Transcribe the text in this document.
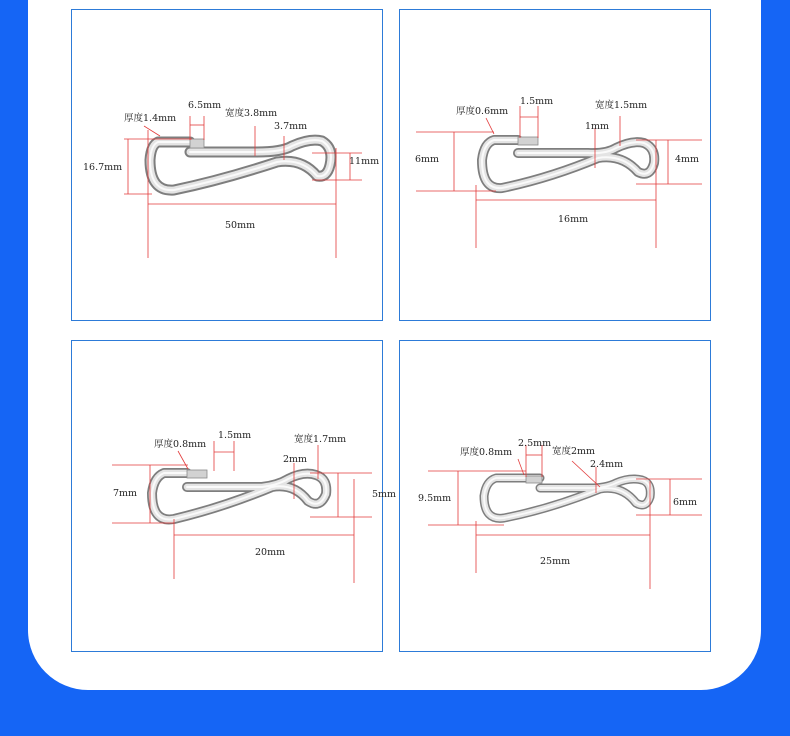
厚度1.4mm
6.5mm
宽度3.8mm
3.7mm
16.7mm
11mm
50mm
厚度0.6mm
1.5mm	宽度1.5mm
1mm
6mm	4mm
16mm
厚度0.8mm
1.5mm	宽度1.7mm
2mm
7mm	5mm
20mm
厚度0.8mm
2.5mm
宽度2mm
2.4mm
9.5mm	6mm
25mm
